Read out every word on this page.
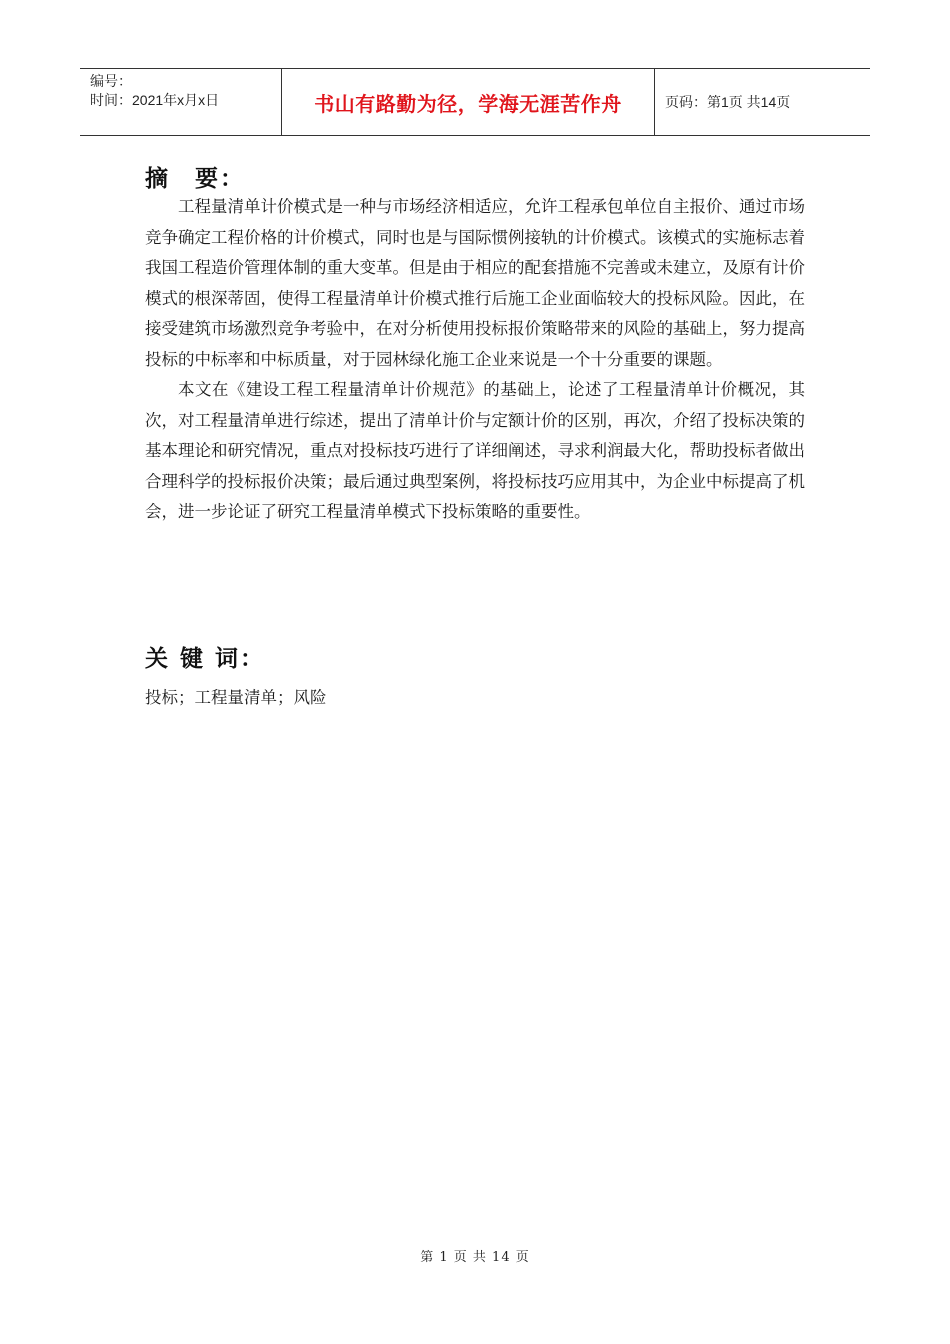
编号：
时间：2021年x月x日	书山有路勤为径，学海无涯苦作舟	页码：第1页 共14页
摘　要：

工程量清单计价模式是一种与市场经济相适应，允许工程承包单位自主报价、通过市场竞争确定工程价格的计价模式，同时也是与国际惯例接轨的计价模式。该模式的实施标志着我国工程造价管理体制的重大变革。但是由于相应的配套措施不完善或未建立，及原有计价模式的根深蒂固，使得工程量清单计价模式推行后施工企业面临较大的投标风险。因此，在接受建筑市场激烈竞争考验中，在对分析使用投标报价策略带来的风险的基础上，努力提高投标的中标率和中标质量，对于园林绿化施工企业来说是一个十分重要的课题。

本文在《建设工程工程量清单计价规范》的基础上，论述了工程量清单计价概况，其次，对工程量清单进行综述，提出了清单计价与定额计价的区别，再次，介绍了投标决策的基本理论和研究情况，重点对投标技巧进行了详细阐述，寻求利润最大化，帮助投标者做出合理科学的投标报价决策；最后通过典型案例，将投标技巧应用其中，为企业中标提高了机会，进一步论证了研究工程量清单模式下投标策略的重要性。

关 键 词：
投标；工程量清单；风险
第 1 页 共 14 页
